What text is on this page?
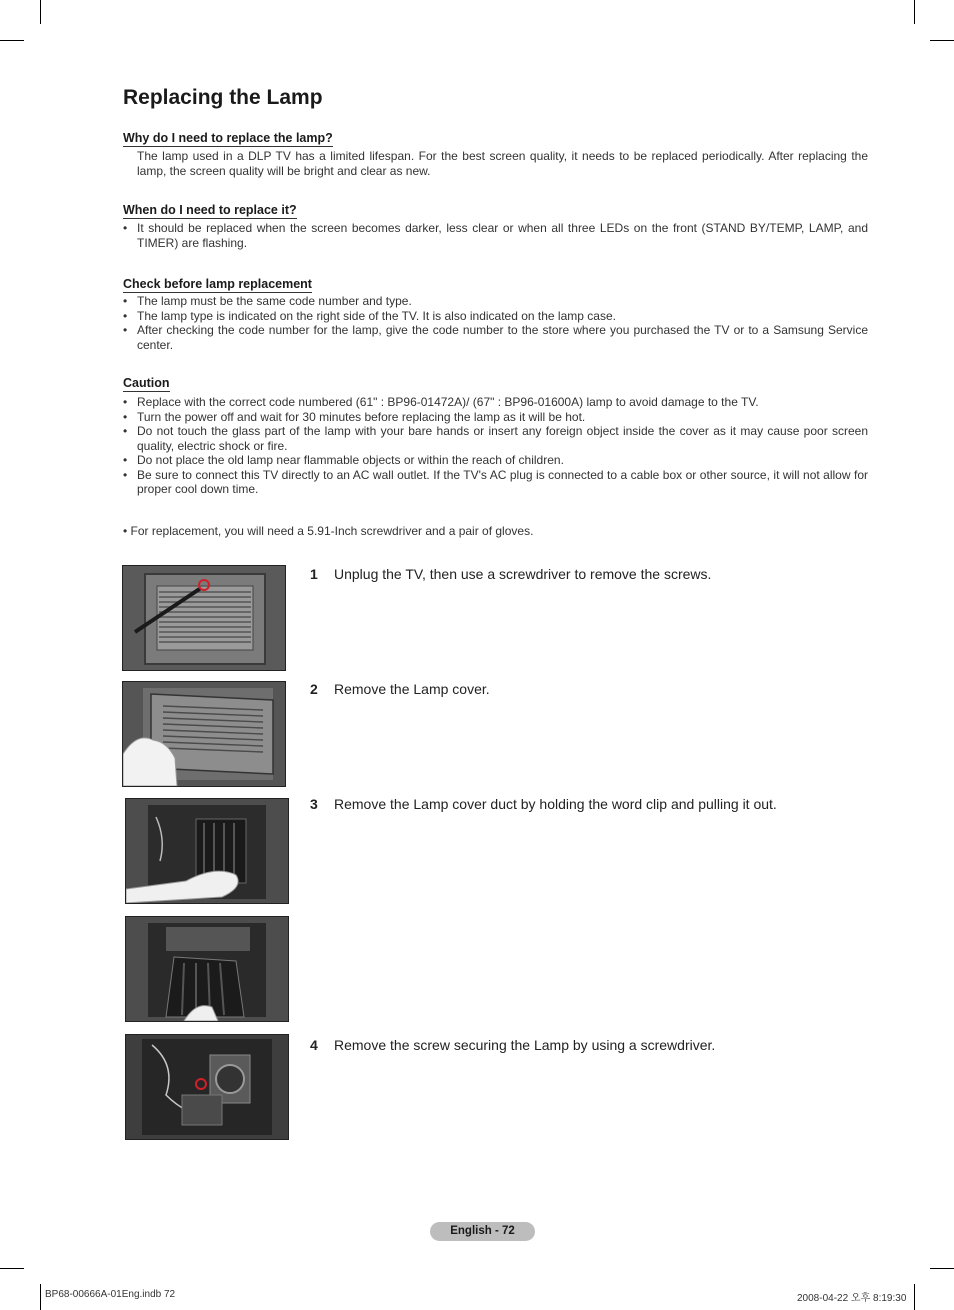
Replacing the Lamp
Why do I need to replace the lamp?

The lamp used in a DLP TV has a limited lifespan. For the best screen quality, it needs to be replaced periodically. After replacing the lamp, the screen quality will be bright and clear as new.

When do I need to replace it?
• It should be replaced when the screen becomes darker, less clear or when all three LEDs on the front (STAND BY/TEMP, LAMP, and TIMER) are flashing.
Check before lamp replacement
• The lamp must be the same code number and type.
• The lamp type is indicated on the right side of the TV. It is also indicated on the lamp case.
• After checking the code number for the lamp, give the code number to the store where you purchased the TV or to a Samsung Service center.
Caution
• Replace with the correct code numbered (61" : BP96-01472A)/ (67" : BP96-01600A) lamp to avoid damage to the TV.
• Turn the power off and wait for 30 minutes before replacing the lamp as it will be hot.
• Do not touch the glass part of the lamp with your bare hands or insert any foreign object inside the cover as it may cause poor screen quality, electric shock or fire.
• Do not place the old lamp near flammable objects or within the reach of children.
• Be sure to connect this TV directly to an AC wall outlet. If the TV's AC plug is connected to a cable box or other source, it will not allow for proper cool down time.
• For replacement, you will need a 5.91-Inch screwdriver and a pair of gloves.

1 Unplug the TV, then use a screwdriver to remove the screws.

2 Remove the Lamp cover.

3 Remove the Lamp cover duct by holding the word clip and pulling it out.

4 Remove the screw securing the Lamp by using a screwdriver.

English - 72
BP68-00666A-01Eng.indb 72	2008-04-22 오후 8:19:30
